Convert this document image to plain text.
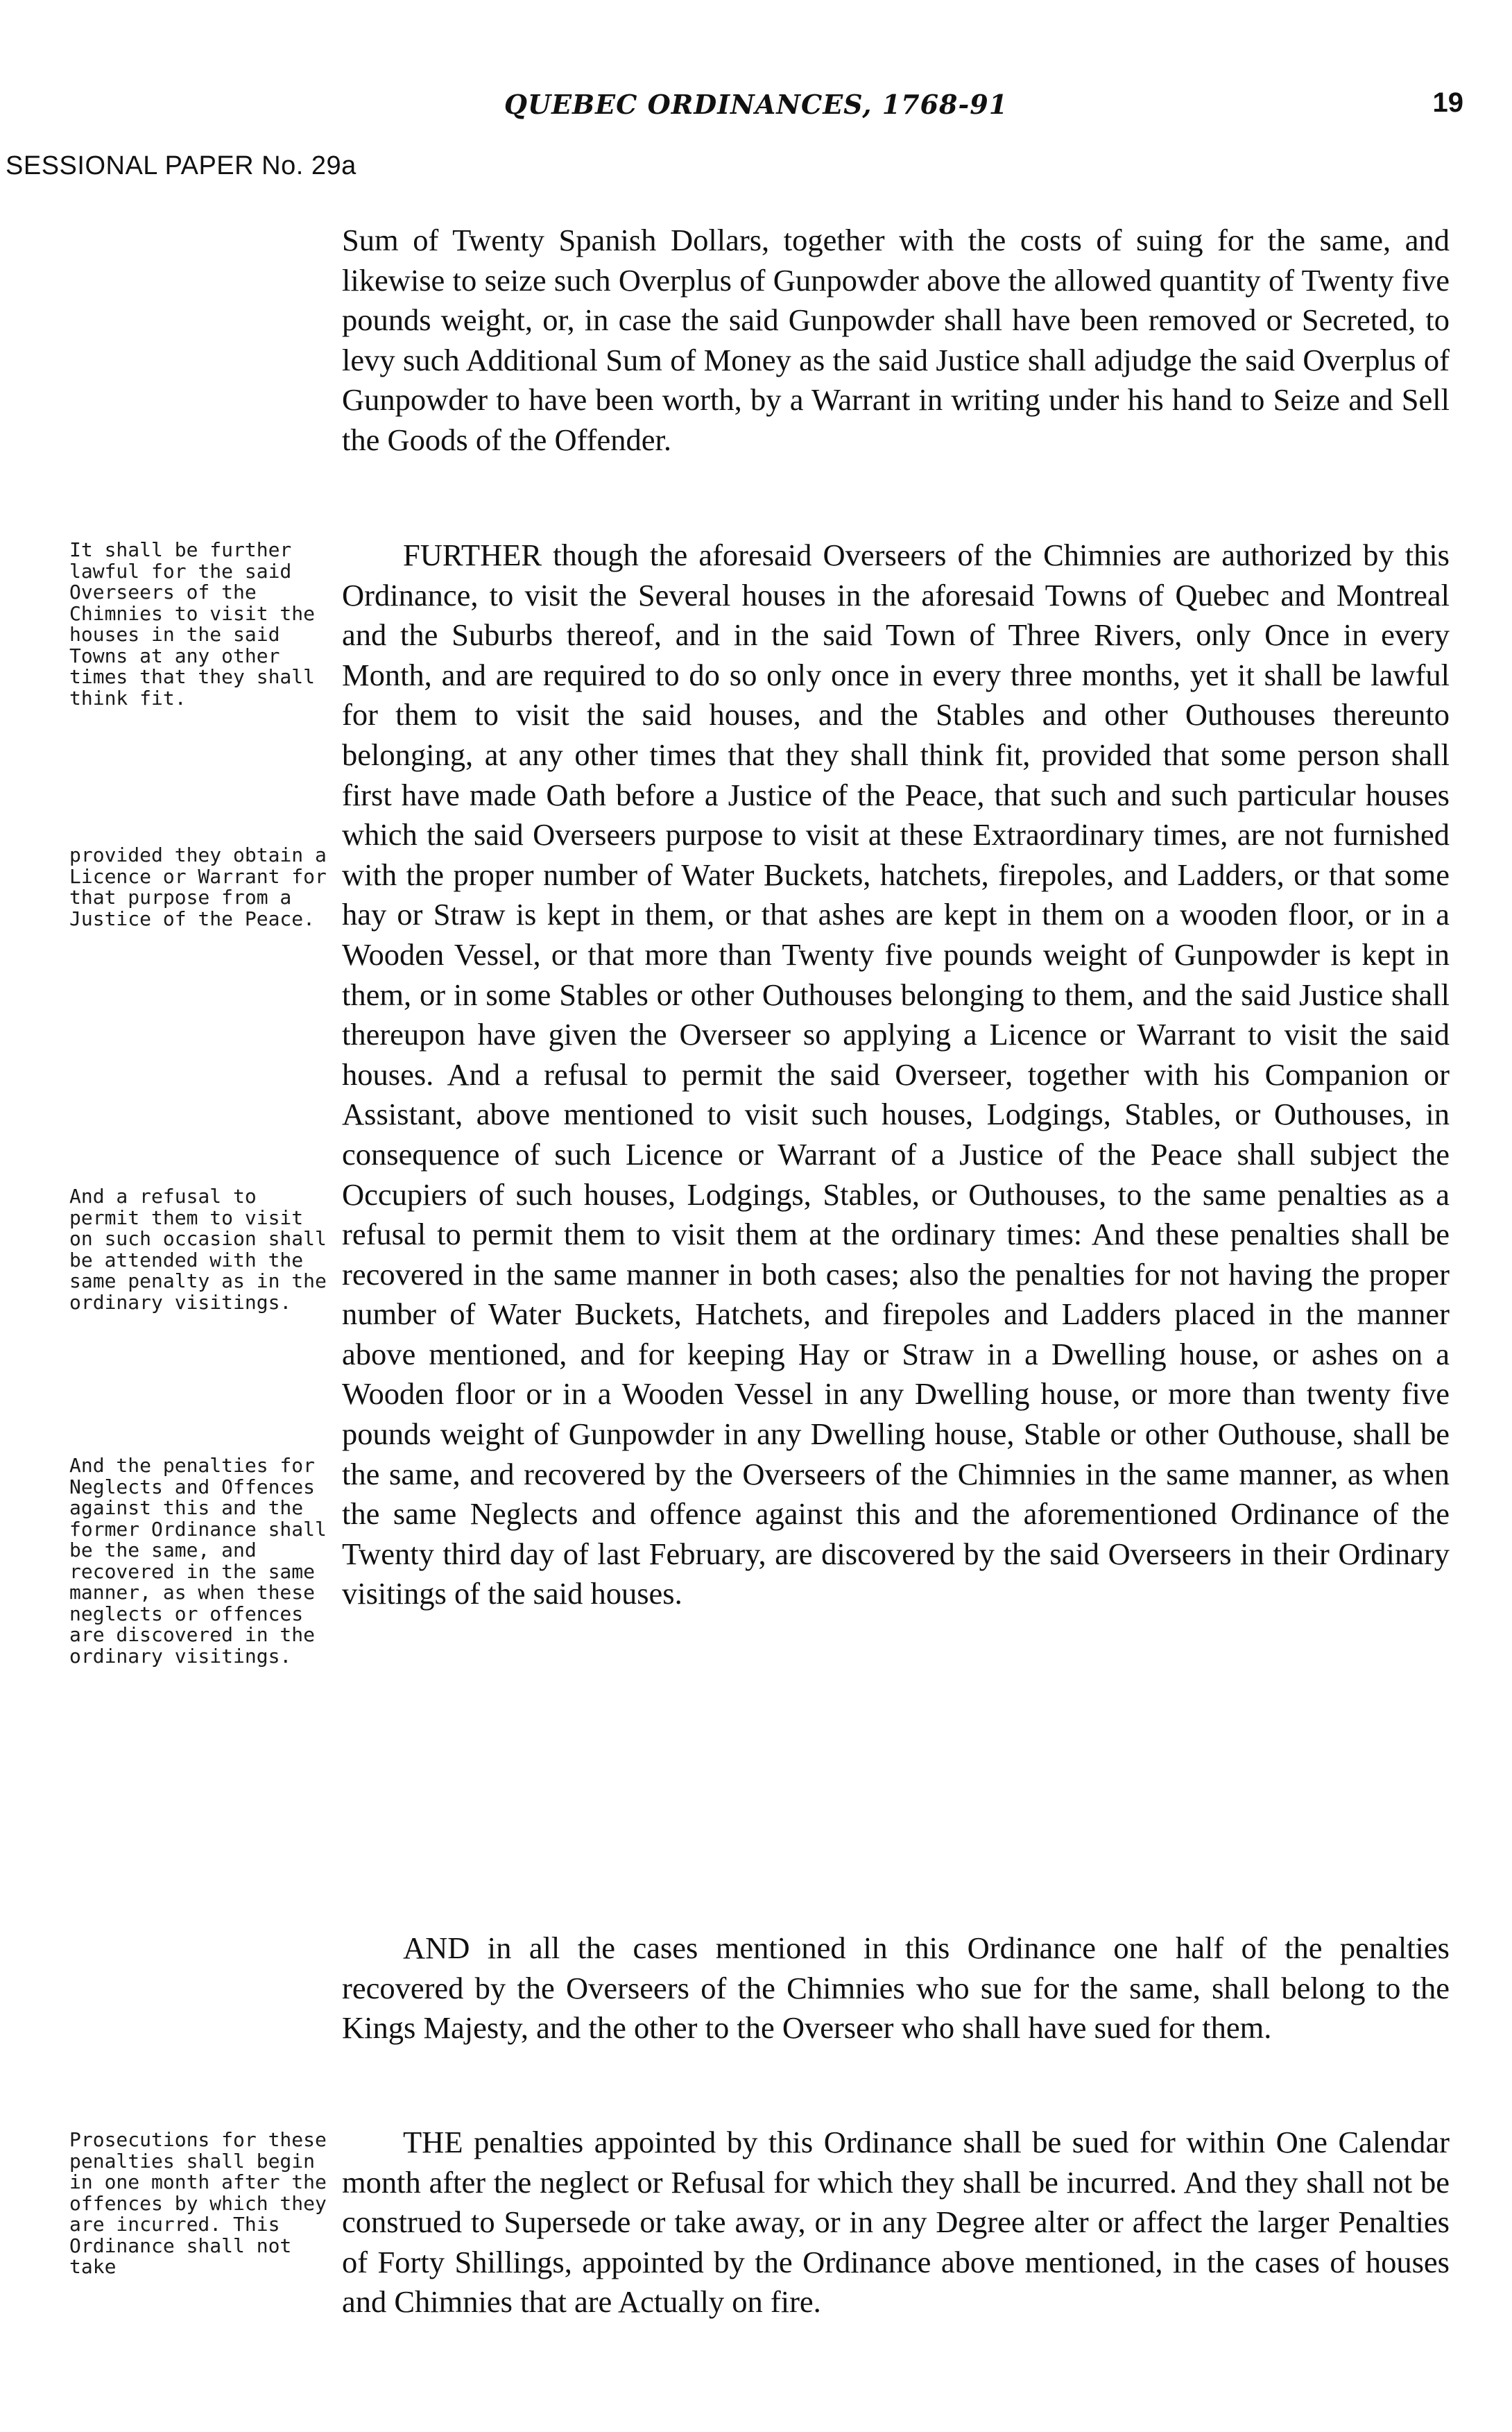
QUEBEC ORDINANCES, 1768-91	19
SESSIONAL PAPER No. 29a

Sum of Twenty Spanish Dollars, together with the costs of suing for the same, and likewise to seize such Overplus of Gunpowder above the allowed quantity of Twenty five pounds weight, or, in case the said Gunpowder shall have been removed or Secreted, to levy such Additional Sum of Money as the said Justice shall adjudge the said Overplus of Gunpowder to have been worth, by a Warrant in writing under his hand to Seize and Sell the Goods of the Offender.

FURTHER though the aforesaid Overseers of the Chimnies are authorized by this Ordinance, to visit the Several houses in the aforesaid Towns of Quebec and Montreal and the Suburbs thereof, and in the said Town of Three Rivers, only Once in every Month, and are required to do so only once in every three months, yet it shall be lawful for them to visit the said houses, and the Stables and other Outhouses thereunto belonging, at any other times that they shall think fit, provided that some person shall first have made Oath before a Justice of the Peace, that such and such particular houses which the said Overseers purpose to visit at these Extraordinary times, are not furnished with the proper number of Water Buckets, hatchets, firepoles, and Ladders, or that some hay or Straw is kept in them, or that ashes are kept in them on a wooden floor, or in a Wooden Vessel, or that more than Twenty five pounds weight of Gunpowder is kept in them, or in some Stables or other Outhouses belonging to them, and the said Justice shall thereupon have given the Overseer so applying a Licence or Warrant to visit the said houses. And a refusal to permit the said Overseer, together with his Companion or Assistant, above mentioned to visit such houses, Lodgings, Stables, or Outhouses, in consequence of such Licence or Warrant of a Justice of the Peace shall subject the Occupiers of such houses, Lodgings, Stables, or Outhouses, to the same penalties as a refusal to permit them to visit them at the ordinary times: And these penalties shall be recovered in the same manner in both cases; also the penalties for not having the proper number of Water Buckets, Hatchets, and firepoles and Ladders placed in the manner above mentioned, and for keeping Hay or Straw in a Dwelling house, or ashes on a Wooden floor or in a Wooden Vessel in any Dwelling house, or more than twenty five pounds weight of Gunpowder in any Dwelling house, Stable or other Outhouse, shall be the same, and recovered by the Overseers of the Chimnies in the same manner, as when the same Neglects and offence against this and the aforementioned Ordinance of the Twenty third day of last February, are discovered by the said Overseers in their Ordinary visitings of the said houses.

AND in all the cases mentioned in this Ordinance one half of the penalties recovered by the Overseers of the Chimnies who sue for the same, shall belong to the Kings Majesty, and the other to the Overseer who shall have sued for them.

THE penalties appointed by this Ordinance shall be sued for within One Calendar month after the neglect or Refusal for which they shall be incurred. And they shall not be construed to Supersede or take away, or in any Degree alter or affect the larger Penalties of Forty Shillings, appointed by the Ordinance above mentioned, in the cases of houses and Chimnies that are Actually on fire.

It shall be further lawful for the said Overseers of the Chimnies to visit the houses in the said Towns at any other times that they shall think fit.

provided they obtain a Licence or Warrant for that purpose from a Justice of the Peace.

And a refusal to permit them to visit on such occasion shall be attended with the same penalty as in the ordinary visitings.

And the penalties for Neglects and Offences against this and the former Ordinance shall be the same, and recovered in the same manner, as when these neglects or offences are discovered in the ordinary visitings.

Prosecutions for these penalties shall begin in one month after the offences by which they are incurred. This Ordinance shall not take
